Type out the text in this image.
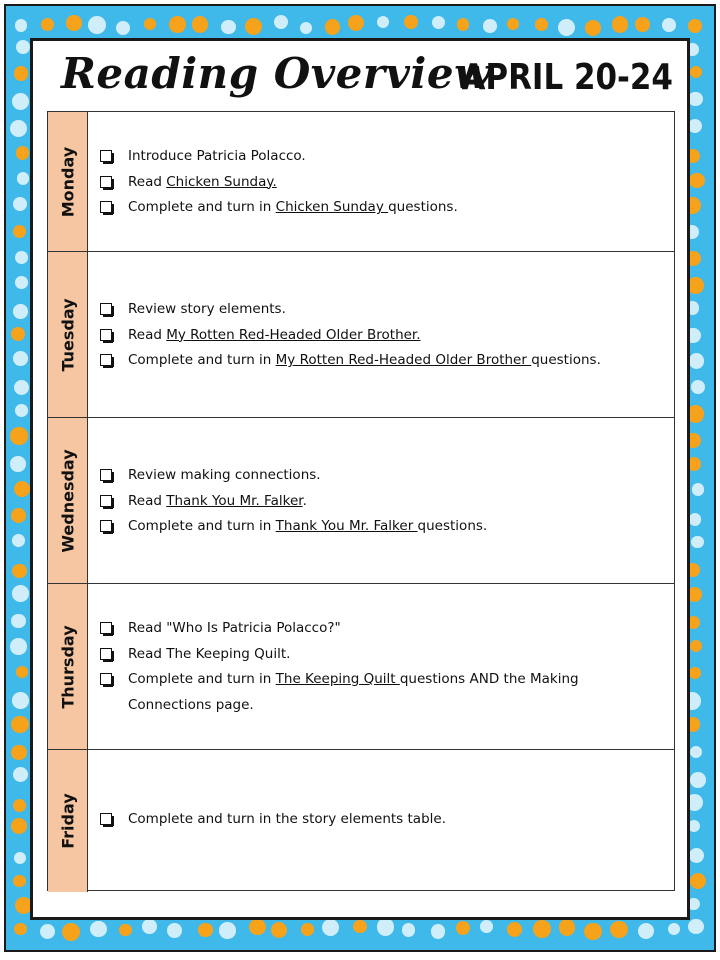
Reading Overview
APRIL 20-24
Monday	Introduce Patricia Polacco.
Read Chicken Sunday.
Complete and turn in Chicken Sunday questions.
Tuesday	Review story elements.
Read My Rotten Red-Headed Older Brother.
Complete and turn in My Rotten Red-Headed Older Brother questions.
Wednesday	Review making connections.
Read Thank You Mr. Falker.
Complete and turn in Thank You Mr. Falker questions.
Thursday	Read "Who Is Patricia Polacco?"
Read The Keeping Quilt.
Complete and turn in The Keeping Quilt questions AND the Making Connections page.
Friday	Complete and turn in the story elements table.
